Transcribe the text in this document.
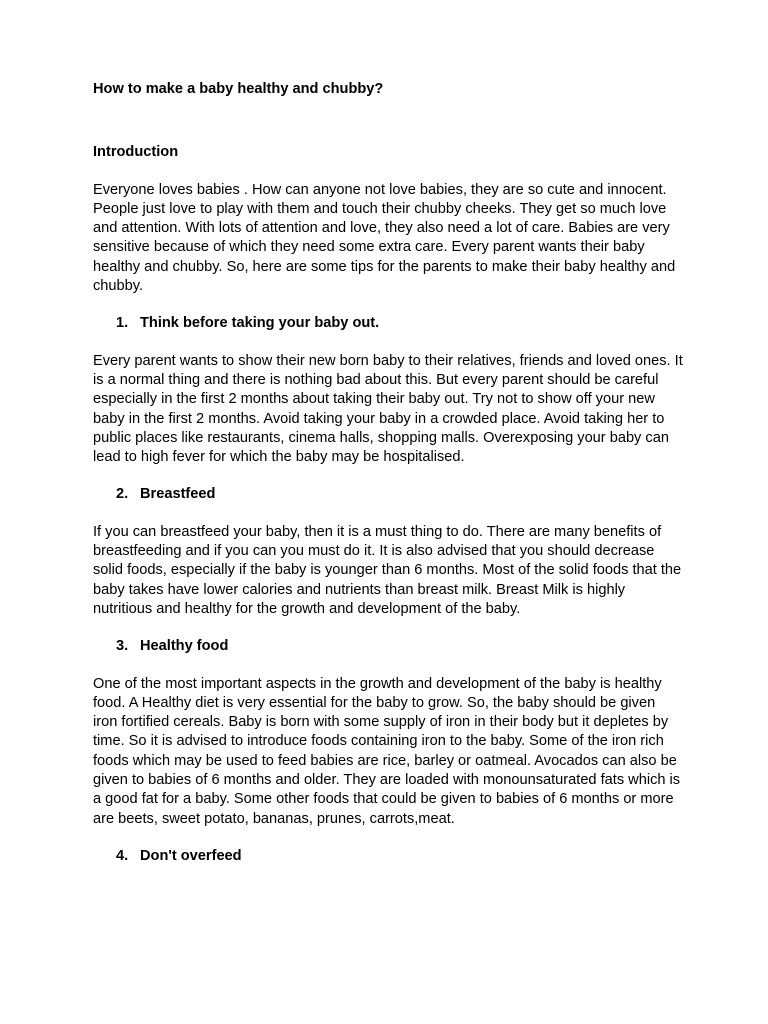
How to make a baby healthy and chubby?
Introduction
Everyone loves babies . How can anyone not love babies, they are so cute and innocent. People just love to play with them and touch their chubby cheeks. They get so much love and attention. With lots of attention and love, they also need a lot of care. Babies are very sensitive because of which they need some extra care. Every parent wants their baby healthy and chubby. So, here are some tips for the parents to make their baby healthy and chubby.
1. Think before taking your baby out.
Every parent wants to show their new born baby to their relatives, friends and loved ones. It is a normal thing and there is nothing bad about this. But every parent should be careful especially in the first 2 months about taking their baby out. Try not to show off your new baby in the first 2 months. Avoid taking your baby in a crowded place. Avoid taking her to public places like restaurants, cinema halls, shopping malls. Overexposing your baby can lead to high fever for which the baby may be hospitalised.
2. Breastfeed
If you can breastfeed your baby, then it is a must thing to do. There are many benefits of breastfeeding and if you can you must do it. It is also advised that you should decrease solid foods, especially if the baby is younger than 6 months. Most of the solid foods that the baby takes have lower calories and nutrients than breast milk. Breast Milk is highly nutritious and healthy for the growth and development of the baby.
3. Healthy food
One of the most important aspects in the growth and development of the baby is healthy food. A Healthy diet is very essential for the baby to grow. So, the baby should be given iron fortified cereals. Baby is born with some supply of iron in their body but it depletes by time. So it is advised to introduce foods containing iron to the baby. Some of the iron rich foods which may be used to feed babies are rice, barley or oatmeal. Avocados can also be given to babies of 6 months and older. They are loaded with monounsaturated fats which is a good fat for a baby. Some other foods that could be given to babies of 6 months or more are beets, sweet potato, bananas, prunes, carrots,meat.
4. Don't overfeed
